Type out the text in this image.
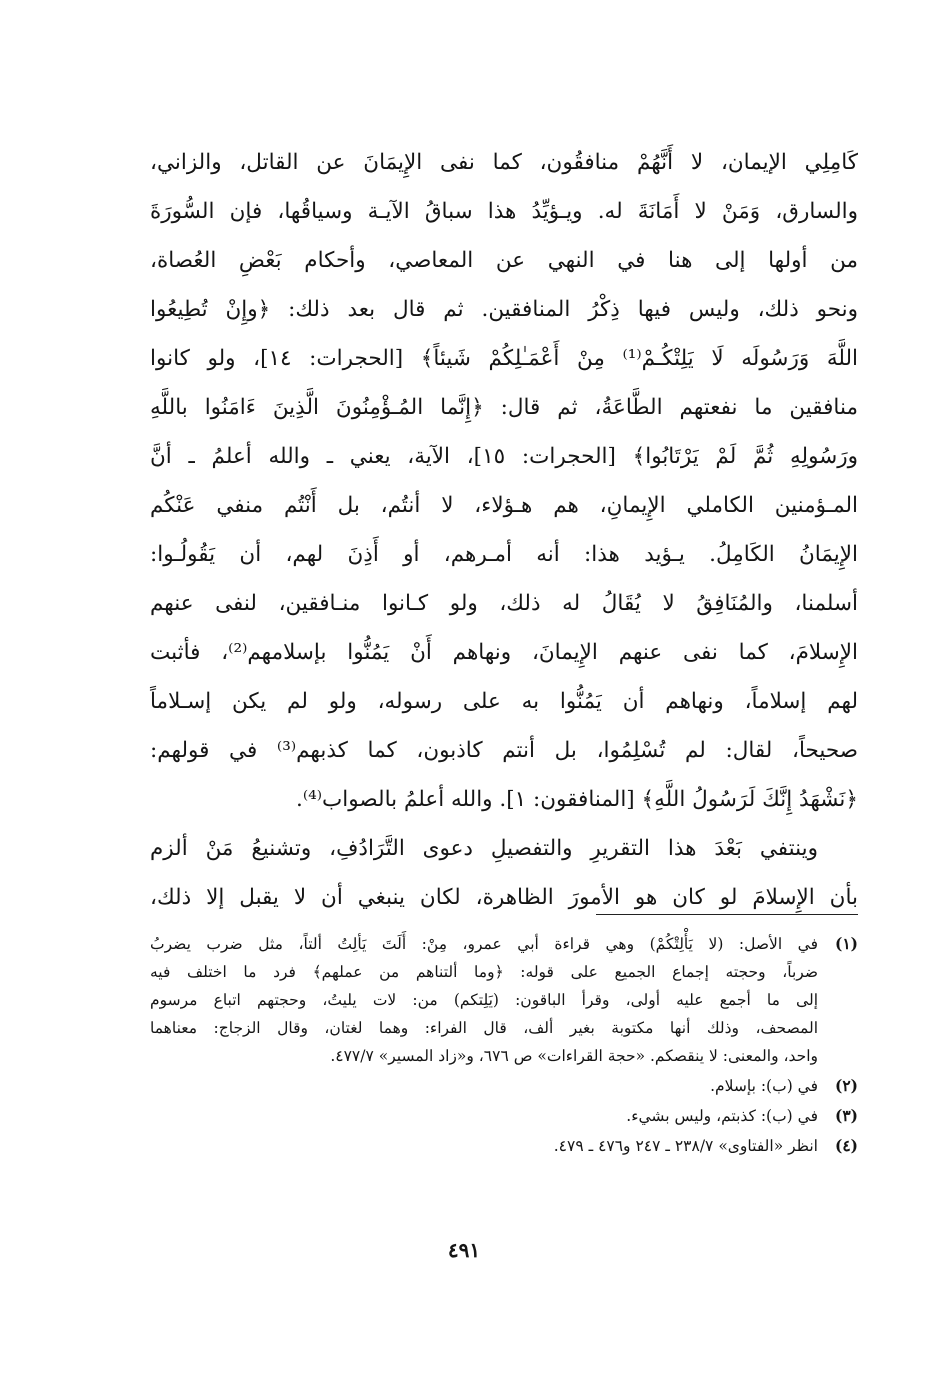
كَامِلِي الإيمان، لا أَنَّهُمْ منافقُون، كما نفى الإِيمَانَ عن القاتل، والزاني،
والسارق، وَمَنْ لا أَمَانَةَ له. ويـؤيِّدُ هذا سباقُ الآيـة وسياقُها، فإن السُّورَةَ
من أولها إلى هنا في النهي عن المعاصي، وأحكام بَعْضِ العُصاة،
ونحو ذلك، وليس فيها ذِكْرُ المنافقين. ثم قال بعد ذلك: ﴿وإِنْ تُطِيعُوا
اللَّهَ وَرَسُولَه لَا يَلِتْكُـمْ⁽¹⁾ مِنْ أَعْمَـٰلِكُمْ شَيئاً﴾ [الحجرات: ١٤]، ولو كانوا
منافقين ما نفعتهم الطَّاعَةُ، ثم قال: ﴿إِنَّما المُـؤْمِنُونَ الَّذِينَ ءَامَنُوا باللَّهِ
ورَسُولِهِ ثُمَّ لَمْ يَرْتَابُوا﴾ [الحجرات: ١٥]، الآية، يعني ـ والله أعلمُ ـ أنَّ
المـؤمنين الكاملي الإِيمانِ، هم هـؤلاء، لا أنتُم، بل أَنْتُم منفي عَنْكُم
الإِيمَانُ الكَامِلُ. يـؤيد هذا: أنه أمـرهم، أو أَذِنَ لهم، أن يَقُولُـوا:
أسلمنا، والمُنَافِقُ لا يُقَالُ له ذلك، ولو كـانوا منـافقين، لنفى عنهم
الإِسلامَ، كما نفى عنهم الإِيمانَ، ونهاهم أَنْ يَمُنُّوا بإسلامهم⁽²⁾، فأثبت
لهم إسلاماً، ونهاهم أن يَمُنُّوا به على رسوله، ولو لم يكن إسـلاماً
صحيحاً، لقال: لم تُسْلِمُوا، بل أنتم كاذبون، كما كذبهم⁽³⁾ في قولهم:
﴿نَشْهَدُ إِنَّكَ لَرَسُولُ اللَّهِ﴾ [المنافقون: ١]. والله أعلمُ بالصواب⁽⁴⁾.
وينتفي بَعْدَ هذا التقريرِ والتفصيلِ دعوى التَّرَادُفِ، وتشنيعُ مَنْ ألزم
بأن الإِسلامَ لو كان هو الأمورَ الظاهرة، لكان ينبغي أن لا يقبل إلا ذلك،
(١)
في الأصل: (لا يَأْلِتْكُمْ) وهي قراءة أبي عمرو، مِنْ: أَلَتَ يَألِتُ ألتاً، مثل ضرب يضربُ
ضرباً، وحجته إجماع الجميع على قوله: ﴿وما ألتناهم من عملهم﴾ فرد ما اختلف فيه
إلى ما أجمع عليه أولى، وقرأ الباقون: (يَلِتكم) من: لات يليتُ، وحجتهم اتباع مرسوم
المصحف، وذلك أنها مكتوبة بغير ألف، قال الفراء: وهما لغتان، وقال الزجاج: معناهما
واحد، والمعنى: لا ينقصكم. «حجة القراءات» ص ٦٧٦، و«زاد المسير» ٤٧٧/٧.
(٢)
في (ب): بإسلام.
(٣)
في (ب): كذبتم، وليس بشيء.
(٤)
انظر «الفتاوى» ٢٣٨/٧ ـ ٢٤٧ و٤٧٦ ـ ٤٧٩.
٤٩١
